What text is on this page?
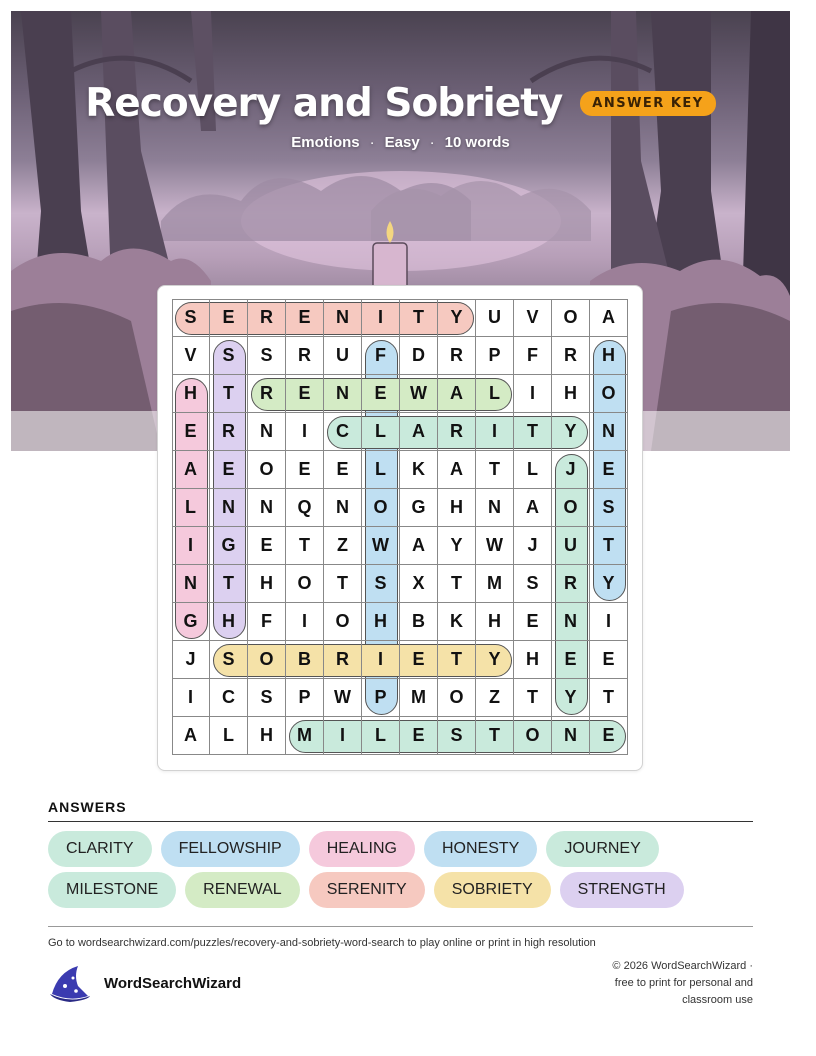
Recovery and Sobriety ANSWER KEY
Emotions · Easy · 10 words
S	E	R	E	N	I	T	Y	U	V	O	A
V	S	S	R	U	F	D	R	P	F	R	H
H	T	R	E	N	E	W	A	L	I	H	O
E	R	N	I	C	L	A	R	I	T	Y	N
A	E	O	E	E	L	K	A	T	L	J	E
L	N	N	Q	N	O	G	H	N	A	O	S
I	G	E	T	Z	W	A	Y	W	J	U	T
N	T	H	O	T	S	X	T	M	S	R	Y
G	H	F	I	O	H	B	K	H	E	N	I
J	S	O	B	R	I	E	T	Y	H	E	E
I	C	S	P	W	P	M	O	Z	T	Y	T
A	L	H	M	I	L	E	S	T	O	N	E
ANSWERS
CLARITY	FELLOWSHIP	HEALING	HONESTY	JOURNEY
MILESTONE	RENEWAL	SERENITY	SOBRIETY	STRENGTH
Go to wordsearchwizard.com/puzzles/recovery-and-sobriety-word-search to play online or print in high resolution
WordSearchWizard
© 2026 WordSearchWizard ·
free to print for personal and
classroom use
